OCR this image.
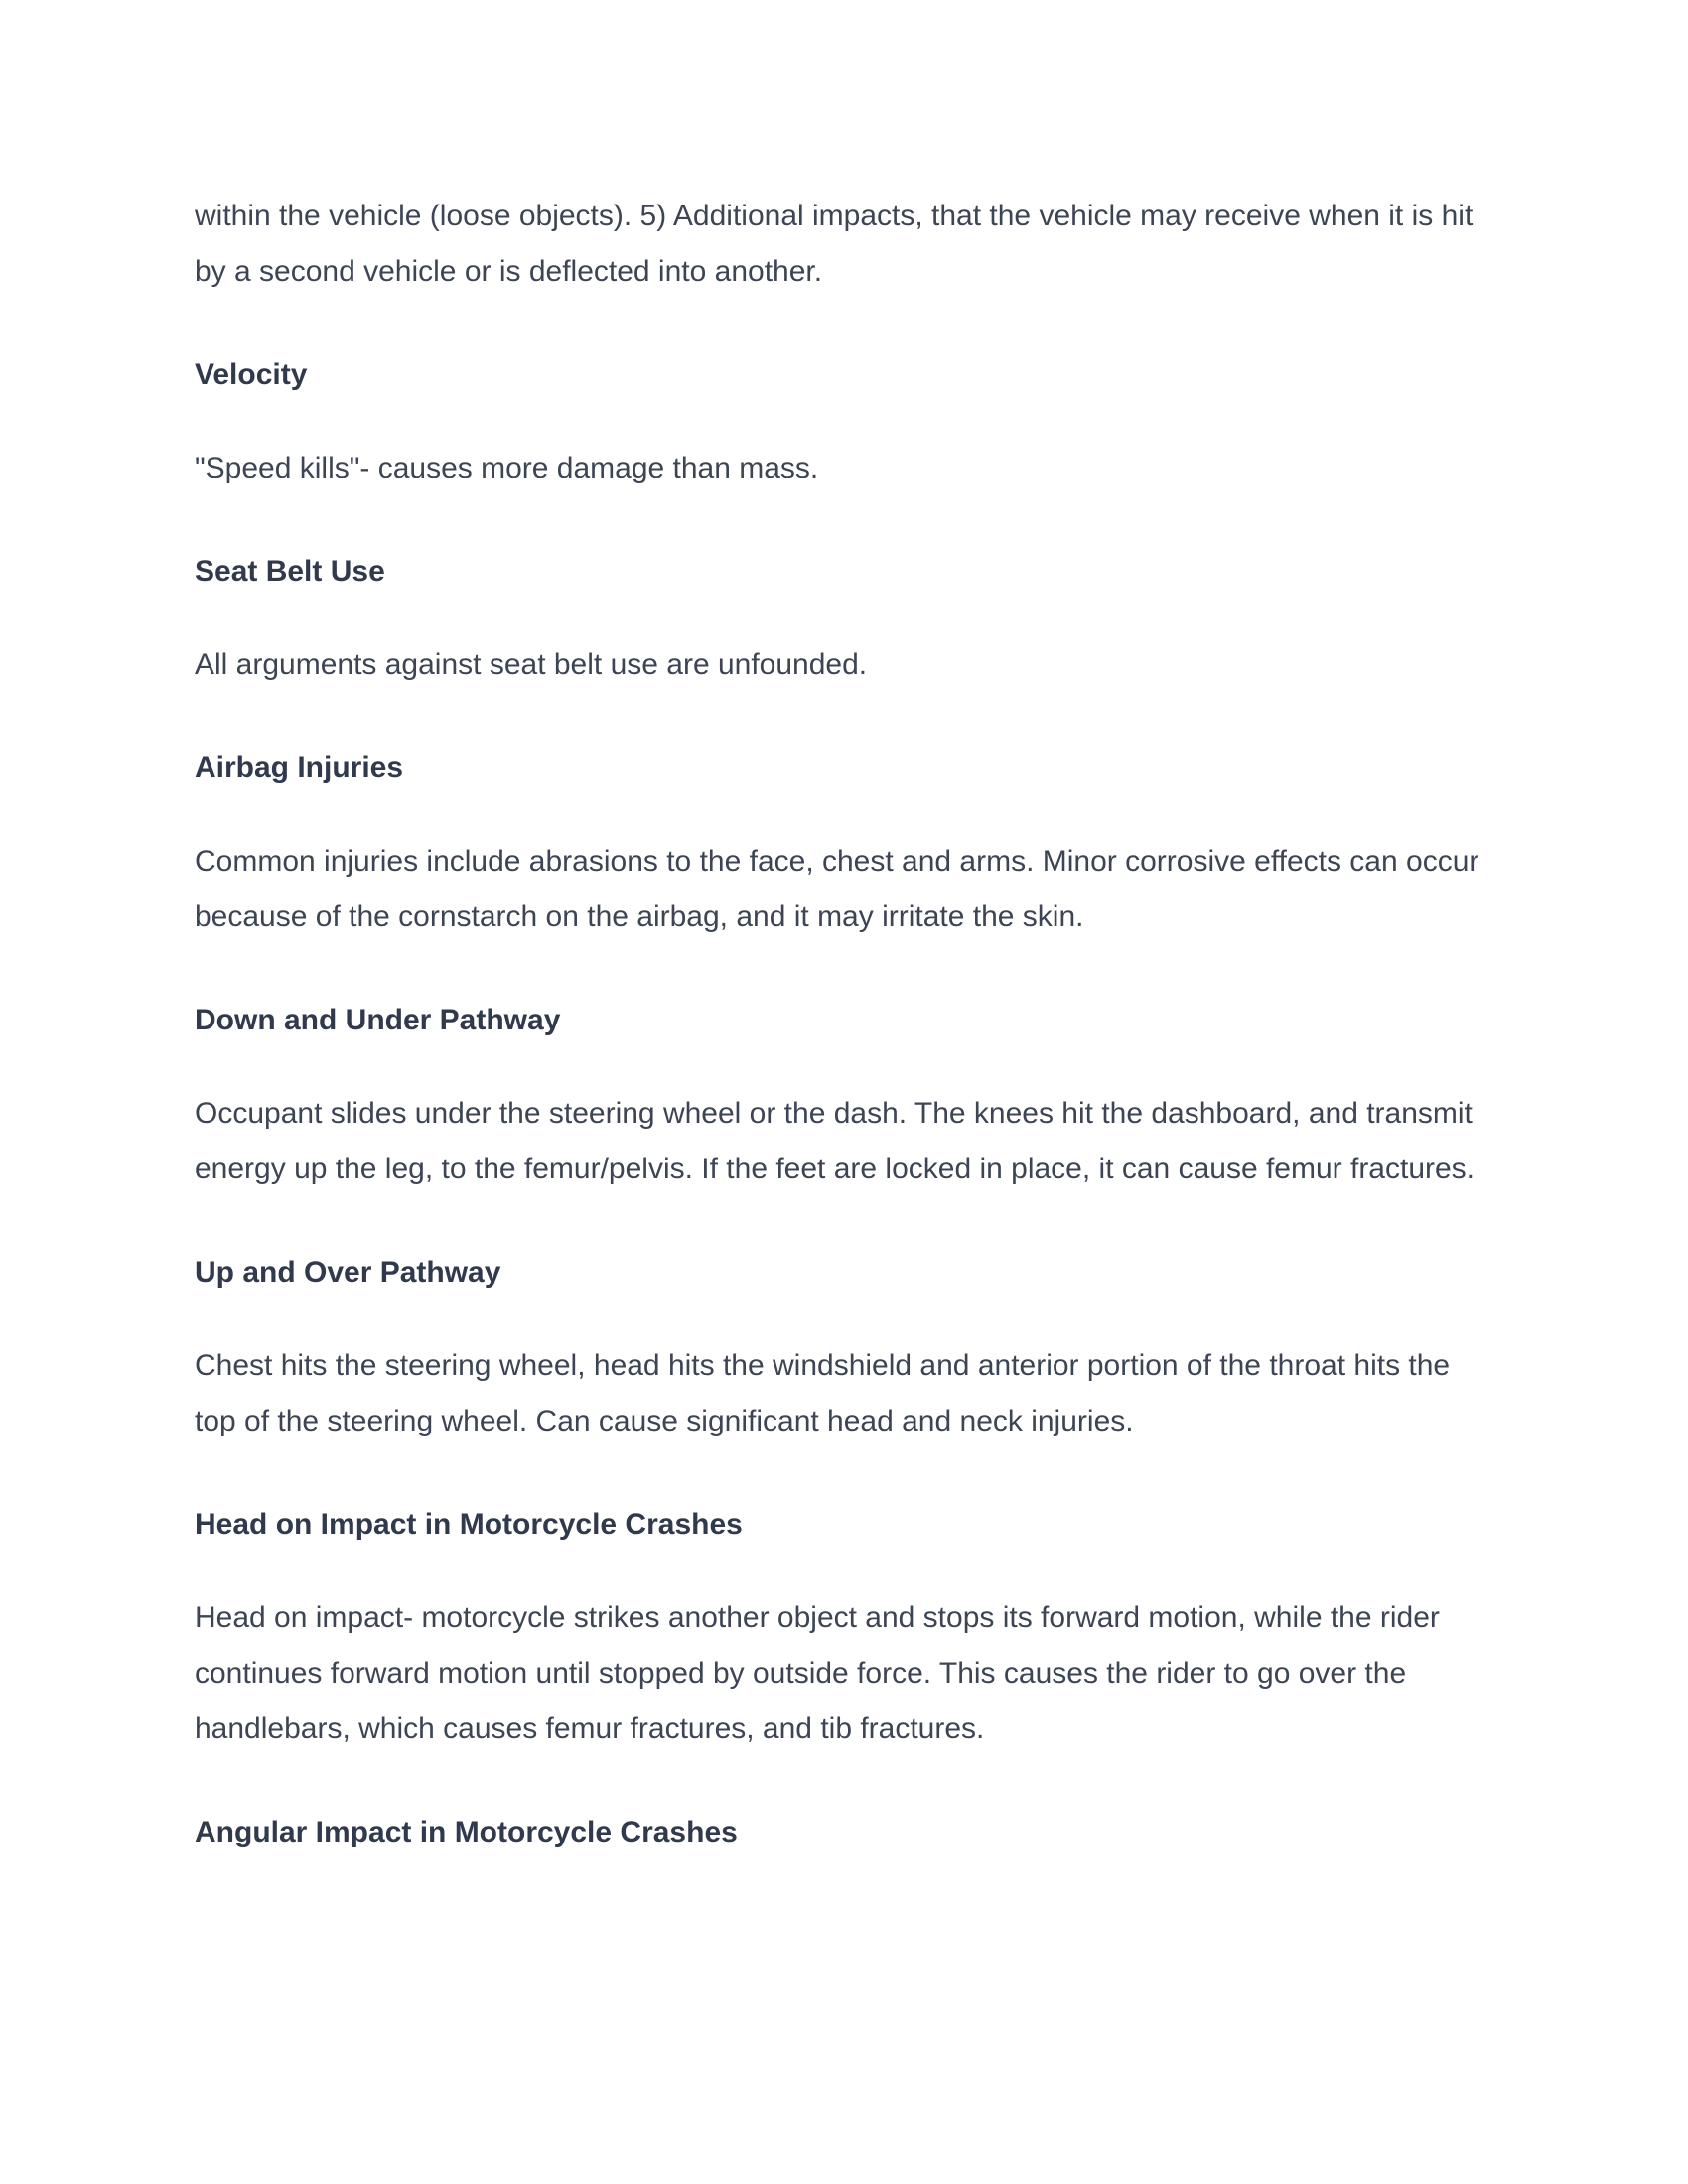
within the vehicle (loose objects). 5) Additional impacts, that the vehicle may receive when it is hit by a second vehicle or is deflected into another.

Velocity

"Speed kills"- causes more damage than mass.

Seat Belt Use

All arguments against seat belt use are unfounded.

Airbag Injuries

Common injuries include abrasions to the face, chest and arms. Minor corrosive effects can occur because of the cornstarch on the airbag, and it may irritate the skin.

Down and Under Pathway

Occupant slides under the steering wheel or the dash. The knees hit the dashboard, and transmit energy up the leg, to the femur/pelvis. If the feet are locked in place, it can cause femur fractures.

Up and Over Pathway

Chest hits the steering wheel, head hits the windshield and anterior portion of the throat hits the top of the steering wheel. Can cause significant head and neck injuries.

Head on Impact in Motorcycle Crashes

Head on impact- motorcycle strikes another object and stops its forward motion, while the rider continues forward motion until stopped by outside force. This causes the rider to go over the handlebars, which causes femur fractures, and tib fractures.

Angular Impact in Motorcycle Crashes
